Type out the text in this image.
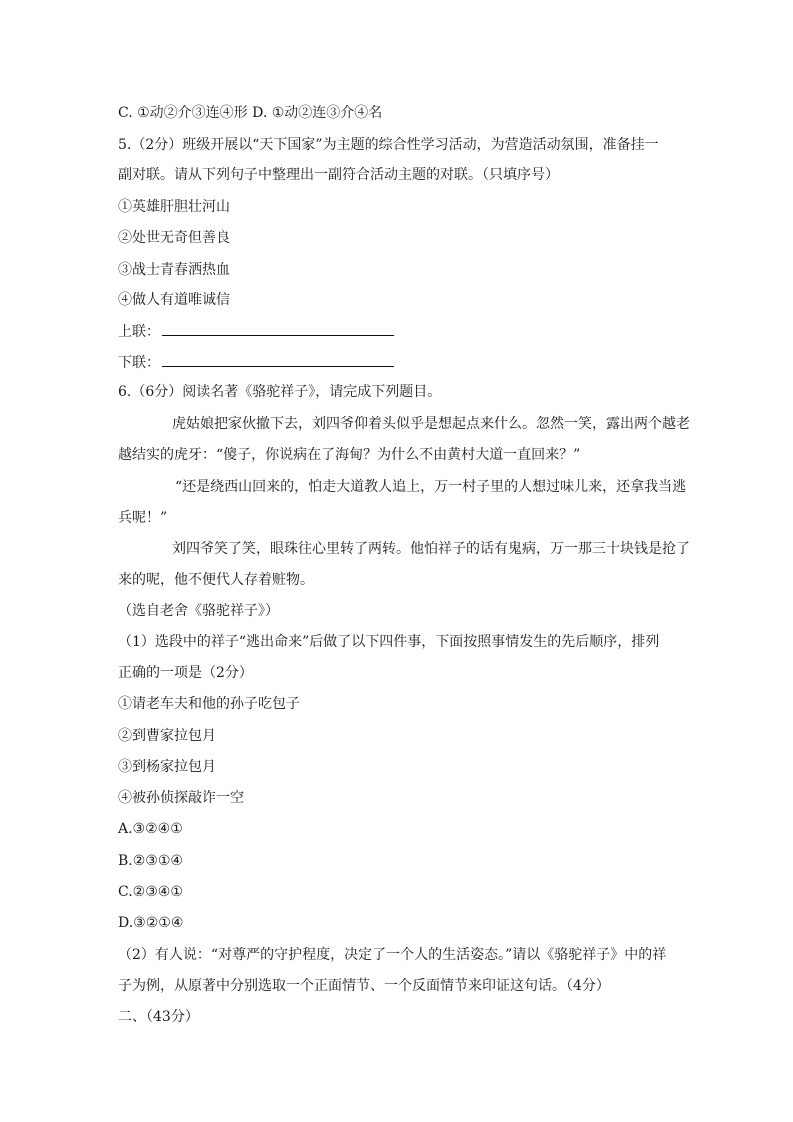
C. ①动②介③连④形 D. ①动②连③介④名
5.（2分）班级开展以“天下国家”为主题的综合性学习活动，为营造活动氛围，准备挂一
副对联。请从下列句子中整理出一副符合活动主题的对联。（只填序号）
①英雄肝胆壮河山
②处世无奇但善良
③战士青春洒热血
④做人有道唯诚信
上联：
下联：
6.（6分）阅读名著《骆驼祥子》，请完成下列题目。
虎姑娘把家伙撤下去，刘四爷仰着头似乎是想起点来什么。忽然一笑，露出两个越老
越结实的虎牙：“傻子，你说病在了海甸？为什么不由黄村大道一直回来？”
“还是绕西山回来的，怕走大道教人追上，万一村子里的人想过味儿来，还拿我当逃
兵呢！”
刘四爷笑了笑，眼珠往心里转了两转。他怕祥子的话有鬼病，万一那三十块钱是抢了
来的呢，他不便代人存着赃物。
（选自老舍《骆驼祥子》）
（1）选段中的祥子“逃出命来”后做了以下四件事，下面按照事情发生的先后顺序，排列
正确的一项是（2分）
①请老车夫和他的孙子吃包子
②到曹家拉包月
③到杨家拉包月
④被孙侦探敲诈一空
A.③②④①
B.②③①④
C.②③④①
D.③②①④
（2）有人说：“对尊严的守护程度，决定了一个人的生活姿态。”请以《骆驼祥子》中的祥
子为例，从原著中分别选取一个正面情节、一个反面情节来印证这句话。（4分）
二、（43分）
